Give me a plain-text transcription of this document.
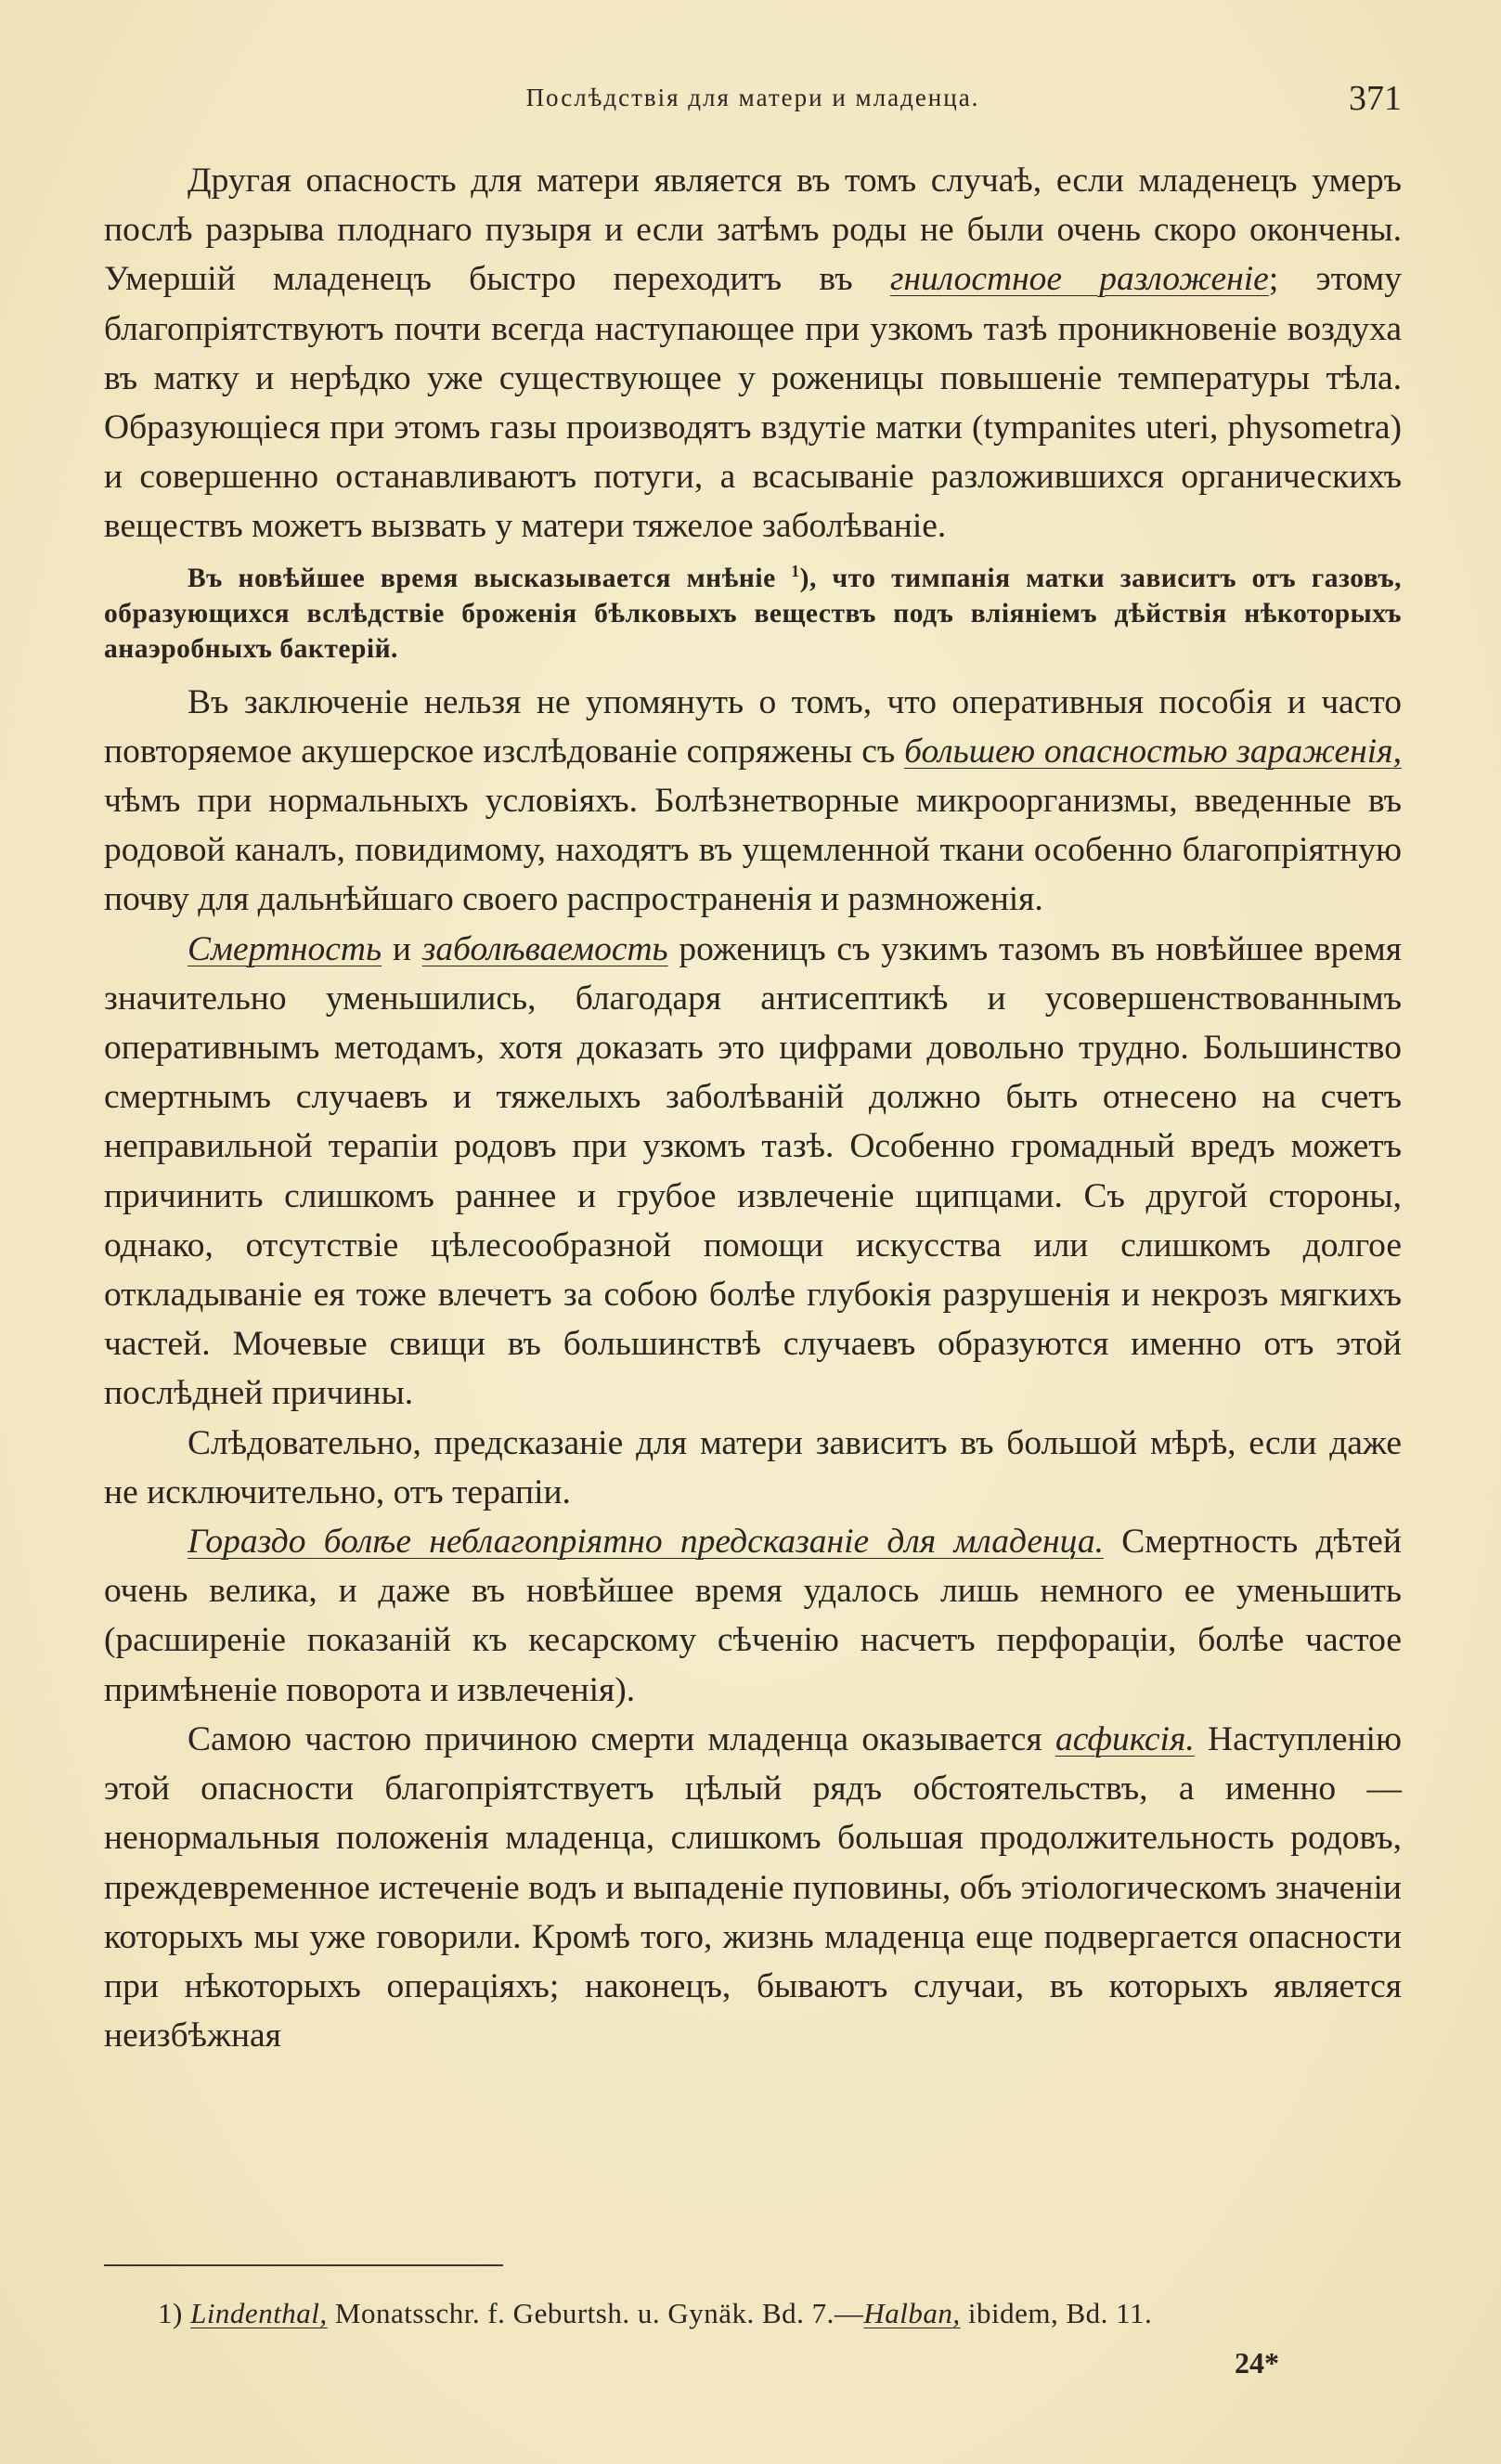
Послѣдствія для матери и младенца.	371

Другая опасность для матери является въ томъ случаѣ, если младенецъ умеръ послѣ разрыва плоднаго пузыря и если затѣмъ роды не были очень скоро окончены. Умершій младенецъ быстро переходитъ въ гнилостное разложеніе; этому благопріятствуютъ почти всегда наступающее при узкомъ тазѣ проникновеніе воздуха въ матку и нерѣдко уже существующее у роженицы повышеніе температуры тѣла. Образующіеся при этомъ газы производятъ вздутіе матки (tympanites uteri, physometra) и совершенно останавливаютъ потуги, а всасываніе разложившихся органическихъ веществъ можетъ вызвать у матери тяжелое заболѣваніе.

Въ новѣйшее время высказывается мнѣніе $^1$), что тимпанія матки зависитъ отъ газовъ, образующихся вслѣдствіе броженія бѣлковыхъ веществъ подъ вліяніемъ дѣйствія нѣкоторыхъ анаэробныхъ бактерій.

Въ заключеніе нельзя не упомянуть о томъ, что оперативныя пособія и часто повторяемое акушерское изслѣдованіе сопряжены съ большею опасностью зараженія, чѣмъ при нормальныхъ условіяхъ. Болѣзнетворные микроорганизмы, введенные въ родовой каналъ, повидимому, находятъ въ ущемленной ткани особенно благопріятную почву для дальнѣйшаго своего распространенія и размноженія.

Смертность и заболѣваемость роженицъ съ узкимъ тазомъ въ новѣйшее время значительно уменьшились, благодаря антисептикѣ и усовершенствованнымъ оперативнымъ методамъ, хотя доказать это цифрами довольно трудно. Большинство смертнымъ случаевъ и тяжелыхъ заболѣваній должно быть отнесено на счетъ неправильной терапіи родовъ при узкомъ тазѣ. Особенно громадный вредъ можетъ причинить слишкомъ раннее и грубое извлеченіе щипцами. Съ другой стороны, однако, отсутствіе цѣлесообразной помощи искусства или слишкомъ долгое откладываніе ея тоже влечетъ за собою болѣе глубокія разрушенія и некрозъ мягкихъ частей. Мочевые свищи въ большинствѣ случаевъ образуются именно отъ этой послѣдней причины.

Слѣдовательно, предсказаніе для матери зависитъ въ большой мѣрѣ, если даже не исключительно, отъ терапіи.

Гораздо болѣе неблагопріятно предсказаніе для младенца. Смертность дѣтей очень велика, и даже въ новѣйшее время удалось лишь немного ее уменьшить (расширеніе показаній къ кесарскому сѣченію насчетъ перфораціи, болѣе частое примѣненіе поворота и извлеченія).

Самою частою причиною смерти младенца оказывается асфиксія. Наступленію этой опасности благопріятствуетъ цѣлый рядъ обстоятельствъ, а именно — ненормальныя положенія младенца, слишкомъ большая продолжительность родовъ, преждевременное истеченіе водъ и выпаденіе пуповины, объ этіологическомъ значеніи которыхъ мы уже говорили. Кромѣ того, жизнь младенца еще подвергается опасности при нѣкоторыхъ операціяхъ; наконецъ, бываютъ случаи, въ которыхъ является неизбѣжная

1) Lindenthal, Monatsschr. f. Geburtsh. u. Gynäk. Bd. 7.—Halban, ibidem, Bd. 11.
24*
